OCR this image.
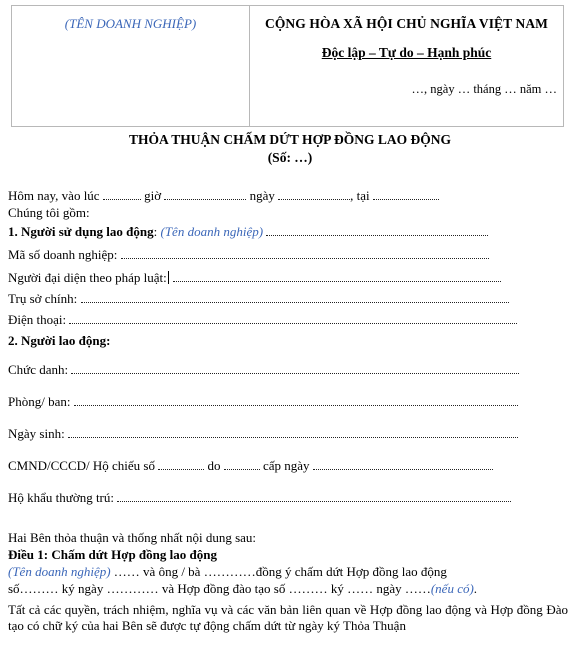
(TÊN DOANH NGHIỆP)	CỘNG HÒA XÃ HỘI CHỦ NGHĨA VIỆT NAM
Độc lập – Tự do – Hạnh phúc
…, ngày … tháng … năm …
THỎA THUẬN CHẤM DỨT HỢP ĐỒNG LAO ĐỘNG
(Số: …)
Hôm nay, vào lúc	giờ	ngày	, tại
Chúng tôi gồm:
1. Người sử dụng lao động: (Tên doanh nghiệp)
Mã số doanh nghiệp:
Người đại diện theo pháp luật:
Trụ sở chính:
Điện thoại:
2. Người lao động:
Chức danh:
Phòng/ ban:
Ngày sinh:
CMND/CCCD/ Hộ chiếu số	do	cấp ngày
Hộ khẩu thường trú:
Hai Bên thỏa thuận và thống nhất nội dung sau:
Điều 1: Chấm dứt Hợp đồng lao động
(Tên doanh nghiệp) …… và ông / bà …………đồng ý chấm dứt Hợp đồng lao động
số……… ký ngày ………… và Hợp đồng đào tạo số ……… ký …… ngày ……(nếu có).
Tất cả các quyền, trách nhiệm, nghĩa vụ và các văn bản liên quan về Hợp đồng lao động và Hợp đồng Đào tạo có chữ ký của hai Bên sẽ được tự động chấm dứt từ ngày ký Thỏa Thuận
